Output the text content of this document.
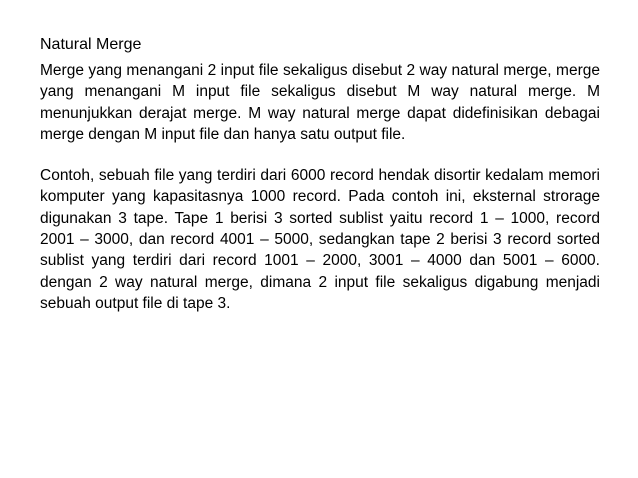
Natural Merge

Merge yang menangani 2 input file sekaligus disebut 2 way natural merge, merge yang menangani M input file sekaligus disebut M way natural merge. M menunjukkan derajat merge. M way natural merge dapat didefinisikan debagai merge dengan M input file dan hanya satu output file.

Contoh, sebuah file yang terdiri dari 6000 record hendak disortir kedalam memori komputer yang kapasitasnya 1000 record. Pada contoh ini, eksternal strorage digunakan 3 tape. Tape 1 berisi 3 sorted sublist yaitu record 1 – 1000, record 2001 – 3000, dan record 4001 – 5000, sedangkan tape 2 berisi 3 record sorted sublist yang terdiri dari record 1001 – 2000, 3001 – 4000 dan 5001 – 6000. dengan 2 way natural merge, dimana 2 input file sekaligus digabung menjadi sebuah output file di tape 3.
